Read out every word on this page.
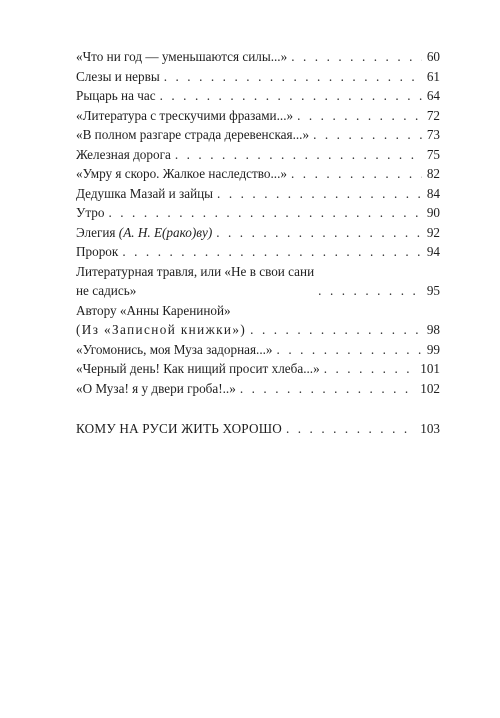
«Что ни год — уменьшаются силы...» . . .	60
Слезы и нервы . . .	61
Рыцарь на час . . .	64
«Литература с трескучими фразами...» . . .	72
«В полном разгаре страда деревенская...» . . .	73
Железная дорога . . .	75
«Умру я скоро. Жалкое наследство...» . . .	82
Дедушка Мазай и зайцы . . .	84
Утро . . .	90
Элегия (А. Н. Е(рако)ву) . . .	92
Пророк . . .	94
Литературная травля, или «Не в свои сани
не садись» . . .	95
Автору «Анны Карениной»
(Из «Записной книжки») . . .	98
«Угомонись, моя Муза задорная...» . . .	99
«Черный день! Как нищий просит хлеба...» . . .	101
«О Муза! я у двери гроба!..» . . .	102
КОМУ НА РУСИ ЖИТЬ ХОРОШО . . .	103
